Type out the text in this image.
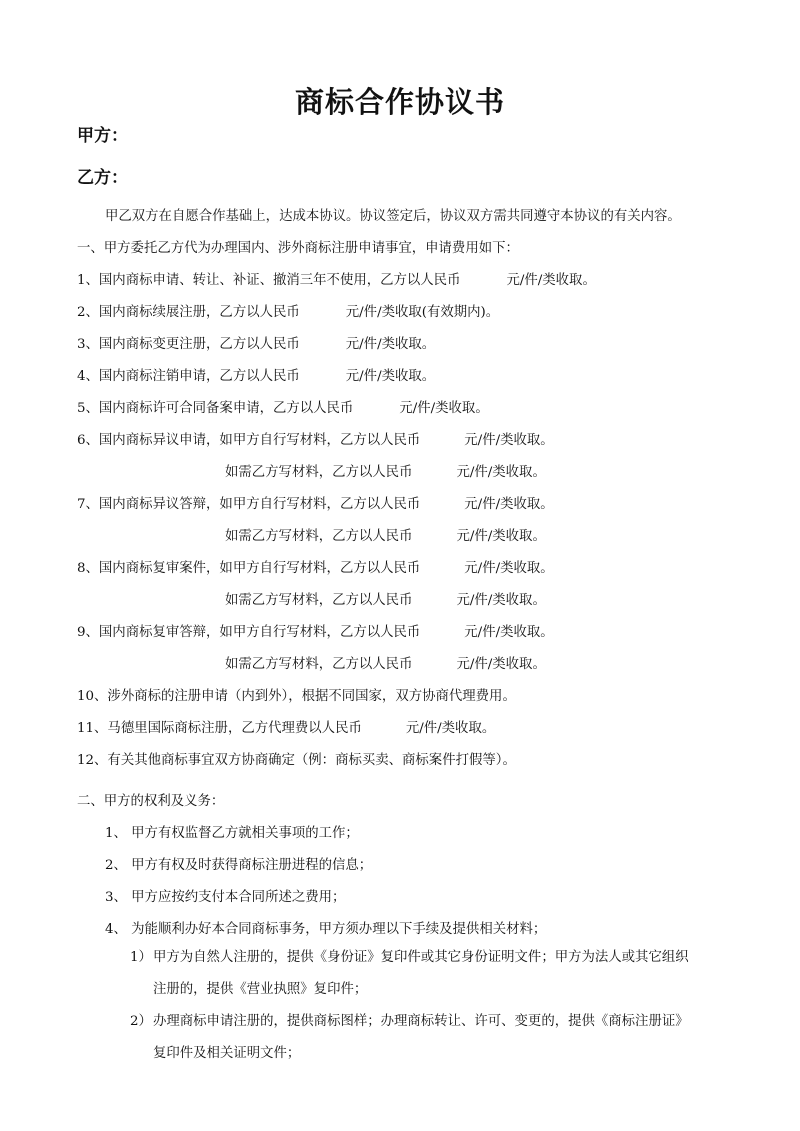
商标合作协议书
甲方：
乙方：
甲乙双方在自愿合作基础上，达成本协议。协议签定后，协议双方需共同遵守本协议的有关内容。
一、甲方委托乙方代为办理国内、涉外商标注册申请事宜，申请费用如下：
1、国内商标申请、转让、补证、撤消三年不使用，乙方以人民币	元/件/类收取。
2、国内商标续展注册，乙方以人民币	元/件/类收取(有效期内)。
3、国内商标变更注册，乙方以人民币	元/件/类收取。
4、国内商标注销申请，乙方以人民币	元/件/类收取。
5、国内商标许可合同备案申请，乙方以人民币	元/件/类收取。
6、国内商标异议申请，如甲方自行写材料，乙方以人民币	元/件/类收取。
如需乙方写材料，乙方以人民币	元/件/类收取。
7、国内商标异议答辩，如甲方自行写材料，乙方以人民币	元/件/类收取。
如需乙方写材料，乙方以人民币	元/件/类收取。
8、国内商标复审案件，如甲方自行写材料，乙方以人民币	元/件/类收取。
如需乙方写材料，乙方以人民币	元/件/类收取。
9、国内商标复审答辩，如甲方自行写材料，乙方以人民币	元/件/类收取。
如需乙方写材料，乙方以人民币	元/件/类收取。
10、涉外商标的注册申请（内到外），根据不同国家，双方协商代理费用。
11、马德里国际商标注册，乙方代理费以人民币	元/件/类收取。
12、有关其他商标事宜双方协商确定（例：商标买卖、商标案件打假等）。
二、甲方的权利及义务：
1、 甲方有权监督乙方就相关事项的工作；
2、 甲方有权及时获得商标注册进程的信息；
3、 甲方应按约支付本合同所述之费用；
4、 为能顺利办好本合同商标事务，甲方须办理以下手续及提供相关材料；
1） 甲方为自然人注册的，提供《身份证》复印件或其它身份证明文件；甲方为法人或其它组织
注册的，提供《营业执照》复印件；
2） 办理商标申请注册的，提供商标图样；办理商标转让、许可、变更的，提供《商标注册证》
复印件及相关证明文件；
